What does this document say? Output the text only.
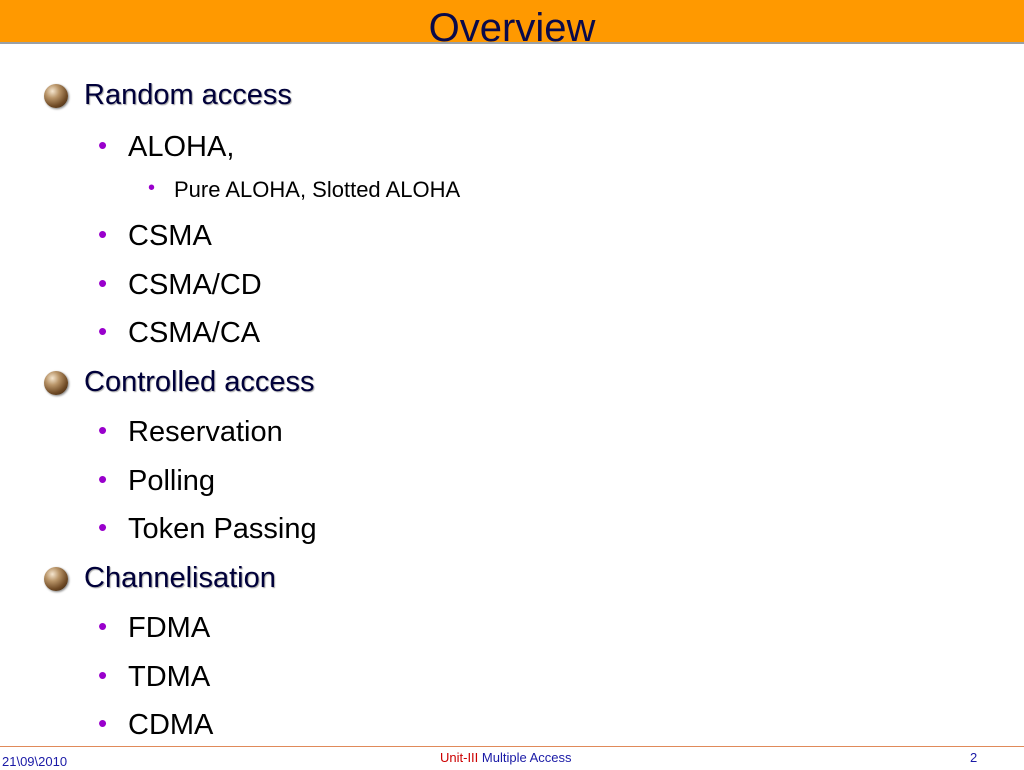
Overview
Random access
• ALOHA,
• Pure ALOHA, Slotted ALOHA
• CSMA
• CSMA/CD
• CSMA/CA
Controlled access
• Reservation
• Polling
• Token Passing
Channelisation
• FDMA
• TDMA
• CDMA
21\09\2010	Unit-III Multiple Access	2
